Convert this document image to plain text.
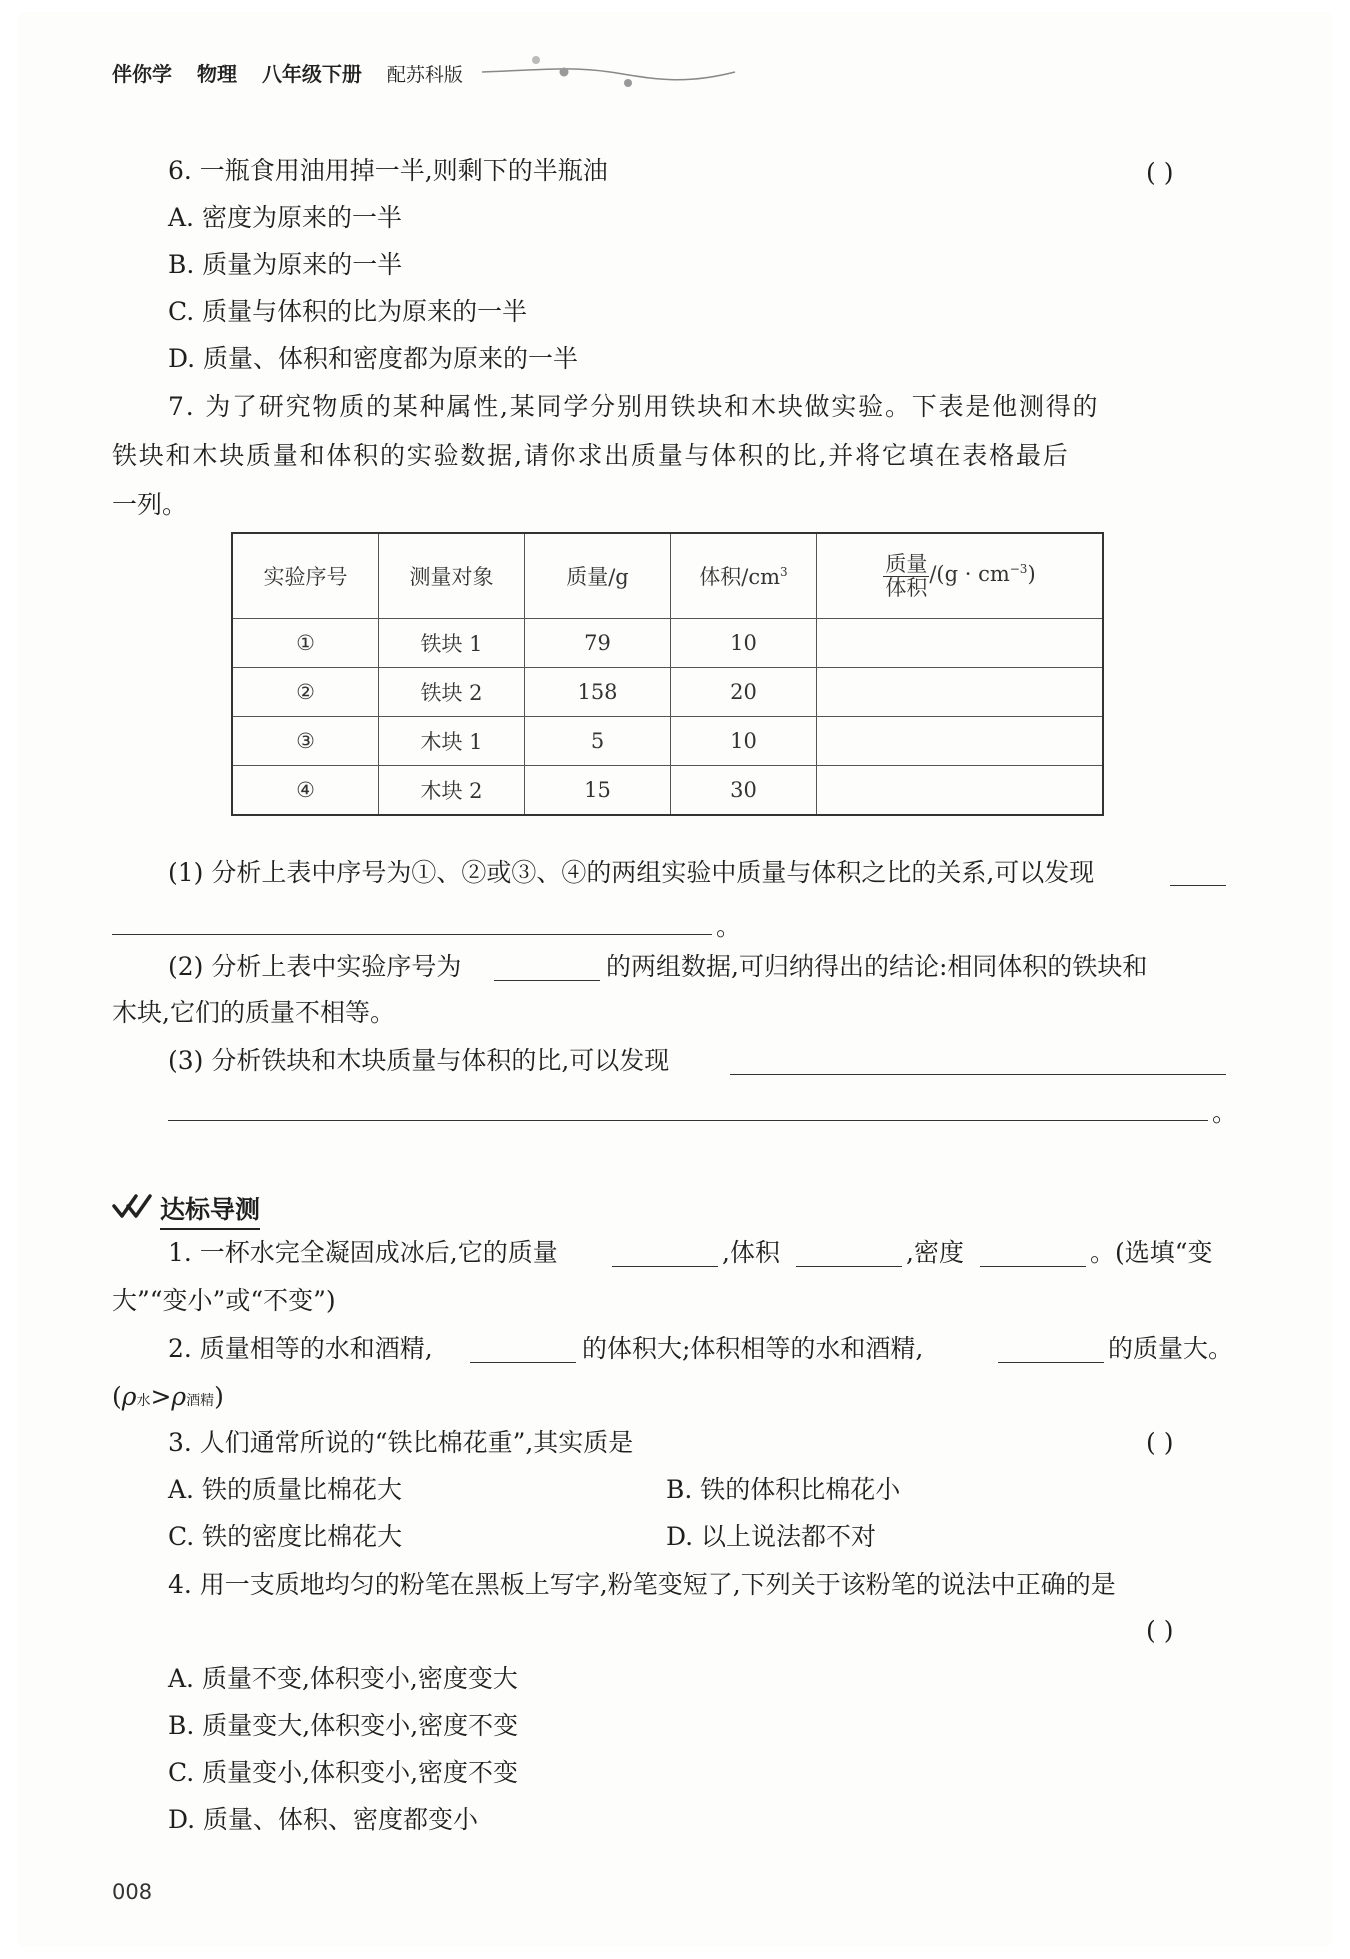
伴你学 物理 八年级下册 配苏科版
6. 一瓶食用油用掉一半,则剩下的半瓶油	( )
A. 密度为原来的一半
B. 质量为原来的一半
C. 质量与体积的比为原来的一半
D. 质量、体积和密度都为原来的一半
7. 为了研究物质的某种属性,某同学分别用铁块和木块做实验。下表是他测得的
铁块和木块质量和体积的实验数据,请你求出质量与体积的比,并将它填在表格最后
一列。
实验序号	测量对象	质量/g	体积$/cm^3$	$\frac{\text{质量}}{\text{体积}} /(g \cdot cm^{-3})$
①	铁块 1	79	10	
②	铁块 2	158	20	
③	木块 1	5	10	
④	木块 2	15	30	
(1) 分析上表中序号为①、②或③、④的两组实验中质量与体积之比的关系,可以发现
。
(2) 分析上表中实验序号为	的两组数据,可归纳得出的结论:相同体积的铁块和
木块,它们的质量不相等。
(3) 分析铁块和木块质量与体积的比,可以发现
。
达标导测
1. 一杯水完全凝固成冰后,它的质量	,体积	,密度	。(选填“变
大”“变小”或“不变”)
2. 质量相等的水和酒精,	的体积大;体积相等的水和酒精,	的质量大。
(ρ水>ρ酒精)
3. 人们通常所说的“铁比棉花重”,其实质是	( )
A. 铁的质量比棉花大	B. 铁的体积比棉花小
C. 铁的密度比棉花大	D. 以上说法都不对
4. 用一支质地均匀的粉笔在黑板上写字,粉笔变短了,下列关于该粉笔的说法中正确的是
( )
A. 质量不变,体积变小,密度变大
B. 质量变大,体积变小,密度不变
C. 质量变小,体积变小,密度不变
D. 质量、体积、密度都变小
008
